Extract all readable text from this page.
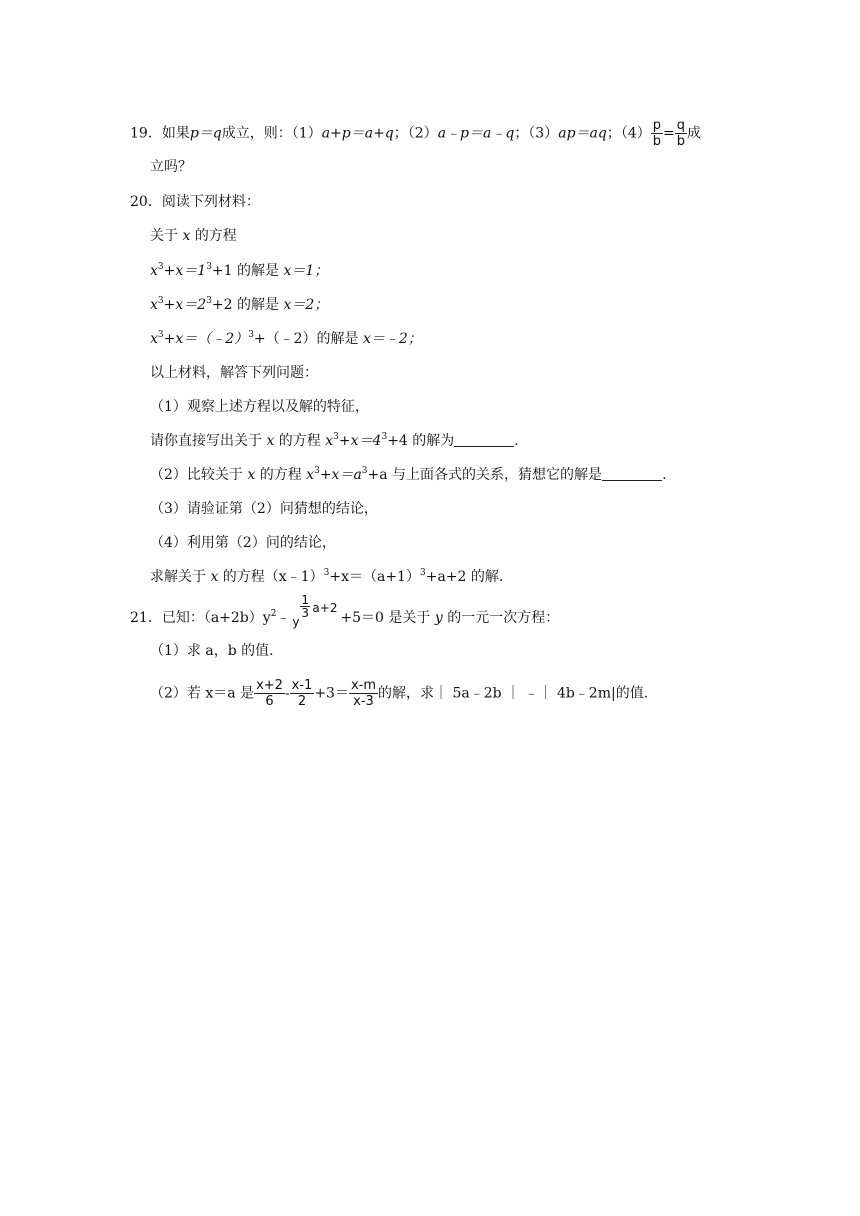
19．如果p＝q成立，则：（1）a+p＝a+q；（2）a﹣p＝a﹣q；（3）ap＝aq；$(4) \frac{p}{b} = \frac{q}{b}$ 成
立吗？
20．阅读下列材料：
关于 x 的方程
$x^3+x=1^3+1$ 的解是 x＝1；
$x^3+x=2^3+2$ 的解是 x＝2；
$x^3+x=(﹣2)^3+(﹣2)$的解是 x＝﹣2；
以上材料，解答下列问题：
（1）观察上述方程以及解的特征，
请你直接写出关于 x 的方程 $x^3+x=4^3+4$ 的解为	.
（2）比较关于 x 的方程 $x^3+x=a^3+a$ 与上面各式的关系，猜想它的解是	.
（3）请验证第（2）问猜想的结论，
（4）利用第（2）问的结论，
求解关于 x 的方程$(x﹣1)^3+x=(a+1)^3+a+2$ 的解.
21．已知：$(a+2b)y^2﹣$
1
3
y
a+2
+5＝0 是关于 y 的一元一次方程：
（1）求 a，b 的值.
（2）若 x＝a 是 $\frac{x+2}{6} - \frac{x-1}{2} +3= \frac{x-m}{x-3}$ 的解，求｜ 5a﹣2b ｜ ﹣｜ 4b﹣2m|的值.
